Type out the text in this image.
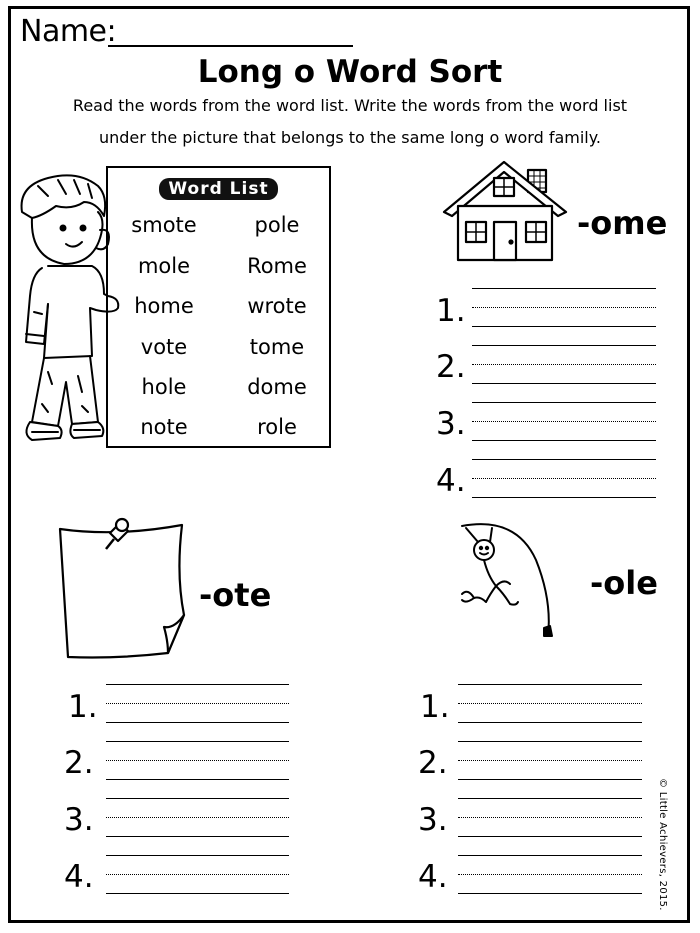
Name:
Long o Word Sort
Read the words from the word list. Write the words from the word list
under the picture that belongs to the same long o word family.
Word List
smote
mole
home
vote
hole
note
pole
Rome
wrote
tome
dome
role
-ome
1.
2.
3.
4.
-ote	-ole
1.
2.
3.
4.
1.
2.
3.
4.	© Little Achievers, 2015.
